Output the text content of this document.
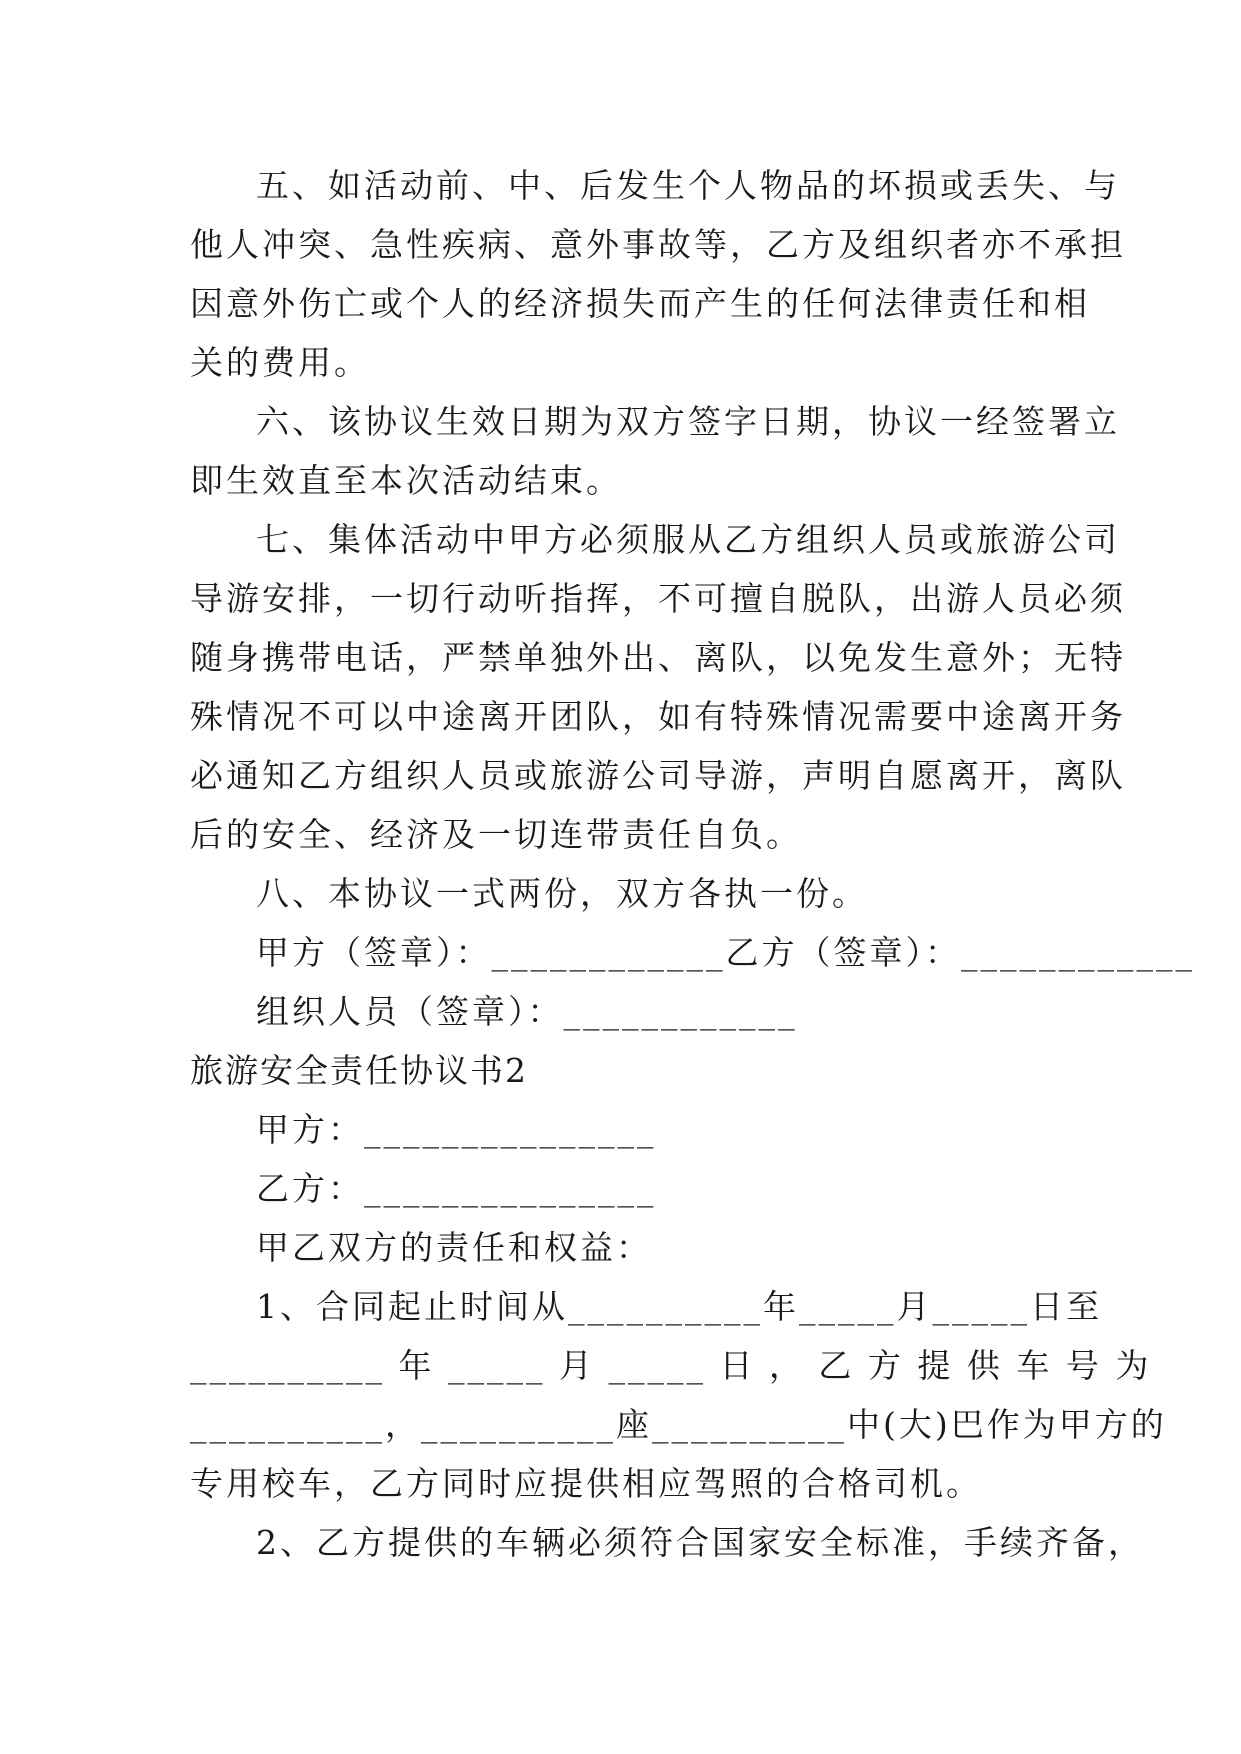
五、如活动前、中、后发生个人物品的坏损或丢失、与
他人冲突、急性疾病、意外事故等，乙方及组织者亦不承担
因意外伤亡或个人的经济损失而产生的任何法律责任和相
关的费用。
六、该协议生效日期为双方签字日期，协议一经签署立
即生效直至本次活动结束。
七、集体活动中甲方必须服从乙方组织人员或旅游公司
导游安排，一切行动听指挥，不可擅自脱队，出游人员必须
随身携带电话，严禁单独外出、离队，以免发生意外；无特
殊情况不可以中途离开团队，如有特殊情况需要中途离开务
必通知乙方组织人员或旅游公司导游，声明自愿离开，离队
后的安全、经济及一切连带责任自负。
八、本协议一式两份，双方各执一份。
甲方（签章）：____________乙方（签章）：____________
组织人员（签章）：____________
旅游安全责任协议书2
甲方：_______________
乙方：_______________
甲乙双方的责任和权益：
1、合同起止时间从__________年_____月_____日至
__________ 年 _____ 月 _____ 日 ， 乙 方 提 供 车 号 为
__________，__________座__________中(大)巴作为甲方的
专用校车，乙方同时应提供相应驾照的合格司机。
2、乙方提供的车辆必须符合国家安全标准，手续齐备，
